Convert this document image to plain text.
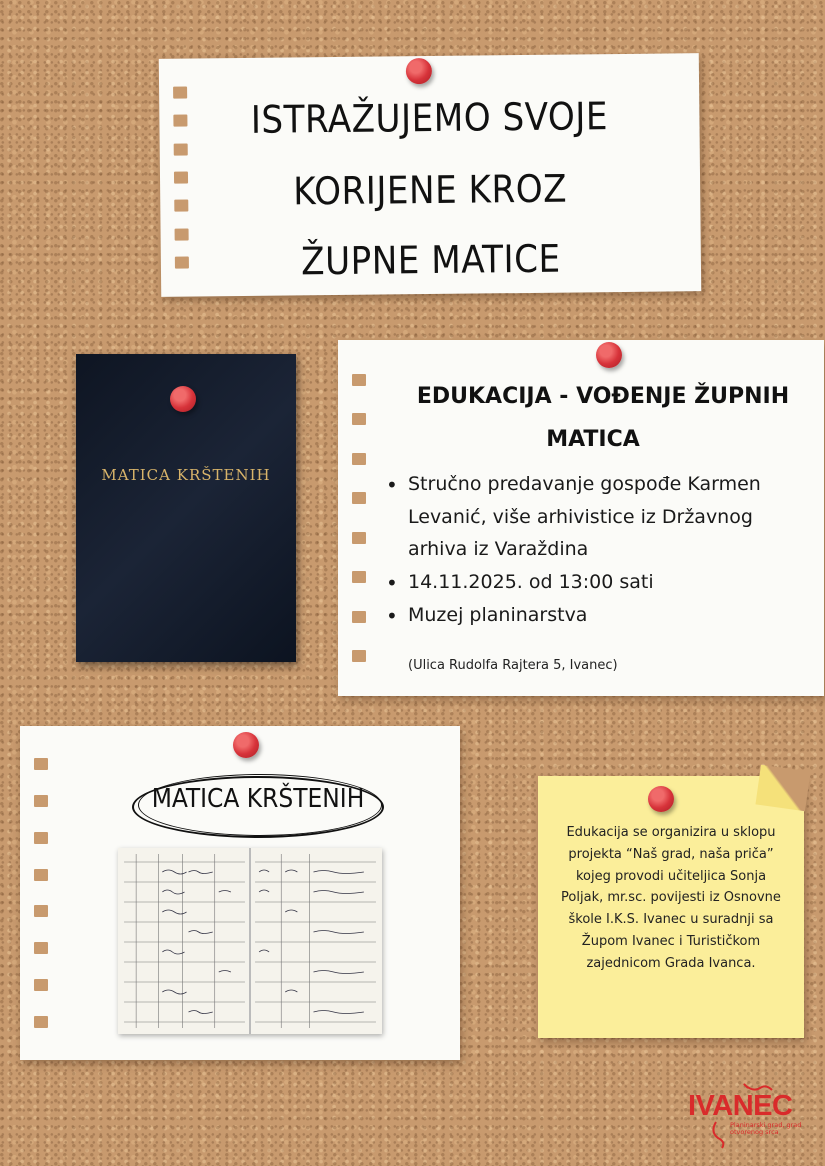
ISTRAŽUJEMO SVOJE
KORIJENE KROZ
ŽUPNE MATICE
MATICA KRŠTENIH
EDUKACIJA - VOĐENJE ŽUPNIH
MATICA
• Stručno predavanje gospođe Karmen Levanić, više arhivistice iz Državnog arhiva iz Varaždina
• 14.11.2025. od 13:00 sati
• Muzej planinarstva
(Ulica Rudolfa Rajtera 5, Ivanec)
MATICA KRŠTENIH
Edukacija se organizira u sklopu projekta “Naš grad, naša priča” kojeg provodi učiteljica Sonja Poljak, mr.sc. povijesti iz Osnovne škole I.K.S. Ivanec u suradnji sa Župom Ivanec i Turističkom zajednicom Grada Ivanca.
IVANEC
Planinarski grad, grad otvorenog srca
